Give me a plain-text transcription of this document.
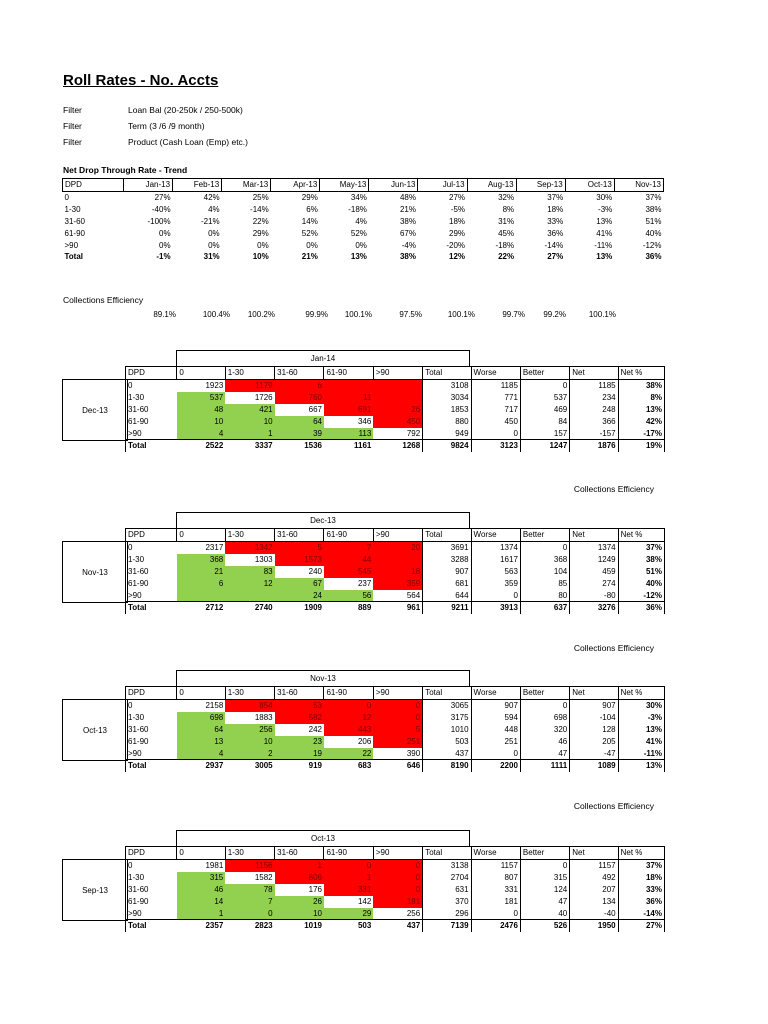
Roll Rates - No. Accts
Filter	Loan Bal (20-250k / 250-500k)
Filter	Term (3 /6 /9 month)
Filter	Product (Cash Loan (Emp) etc.)
Net Drop Through Rate - Trend
DPD	Jan-13	Feb-13	Mar-13	Apr-13	May-13	Jun-13	Jul-13	Aug-13	Sep-13	Oct-13	Nov-13
0	27%	42%	25%	29%	34%	48%	27%	32%	37%	30%	37%
1-30	-40%	4%	-14%	6%	-18%	21%	-5%	8%	18%	-3%	38%
31-60	-100%	-21%	22%	14%	4%	38%	18%	31%	33%	13%	51%
61-90	0%	0%	29%	52%	52%	67%	29%	45%	36%	41%	40%
>90	0%	0%	0%	0%	0%	-4%	-20%	-18%	-14%	-11%	-12%
Total	-1%	31%	10%	21%	13%	38%	12%	22%	27%	13%	36%
Collections Efficiency
89.1%	100.4%	100.2%	99.9%	100.1%	97.5%	100.1%	99.7%	99.2%	100.1%
Jan-14
DPD	0	1-30	31-60	61-90	>90	Total	Worse	Better	Net	Net %
0	1923	1179	6			3108	1185	0	1185	38%
1-30	537	1726	760	11		3034	771	537	234	8%
31-60	48	421	667	691	26	1853	717	469	248	13%
61-90	10	10	64	346	450	880	450	84	366	42%
>90	4	1	39	113	792	949	0	157	-157	-17%
Total	2522	3337	1536	1161	1268	9824	3123	1247	1876	19%
Dec-13
Collections Efficiency
Dec-13
DPD	0	1-30	31-60	61-90	>90	Total	Worse	Better	Net	Net %
0	2317	1342	5	7	20	3691	1374	0	1374	37%
1-30	368	1303	1573	44		3288	1617	368	1249	38%
31-60	21	83	240	545	18	907	563	104	459	51%
61-90	6	12	67	237	359	681	359	85	274	40%
>90			24	56	564	644	0	80	-80	-12%
Total	2712	2740	1909	889	961	9211	3913	637	3276	36%
Nov-13
Collections Efficiency
Nov-13
DPD	0	1-30	31-60	61-90	>90	Total	Worse	Better	Net	Net %
0	2158	854	53	0	0	3065	907	0	907	30%
1-30	698	1883	582	12	0	3175	594	698	-104	-3%
31-60	64	256	242	443	5	1010	448	320	128	13%
61-90	13	10	23	206	251	503	251	46	205	41%
>90	4	2	19	22	390	437	0	47	-47	-11%
Total	2937	3005	919	683	646	8190	2200	1111	1089	13%
Oct-13
Collections Efficiency
Oct-13
DPD	0	1-30	31-60	61-90	>90	Total	Worse	Better	Net	Net %
0	1981	1156	1	0	0	3138	1157	0	1157	37%
1-30	315	1582	806	1	0	2704	807	315	492	18%
31-60	46	78	176	331	0	631	331	124	207	33%
61-90	14	7	26	142	181	370	181	47	134	36%
>90	1	0	10	29	256	296	0	40	-40	-14%
Total	2357	2823	1019	503	437	7139	2476	526	1950	27%
Sep-13
